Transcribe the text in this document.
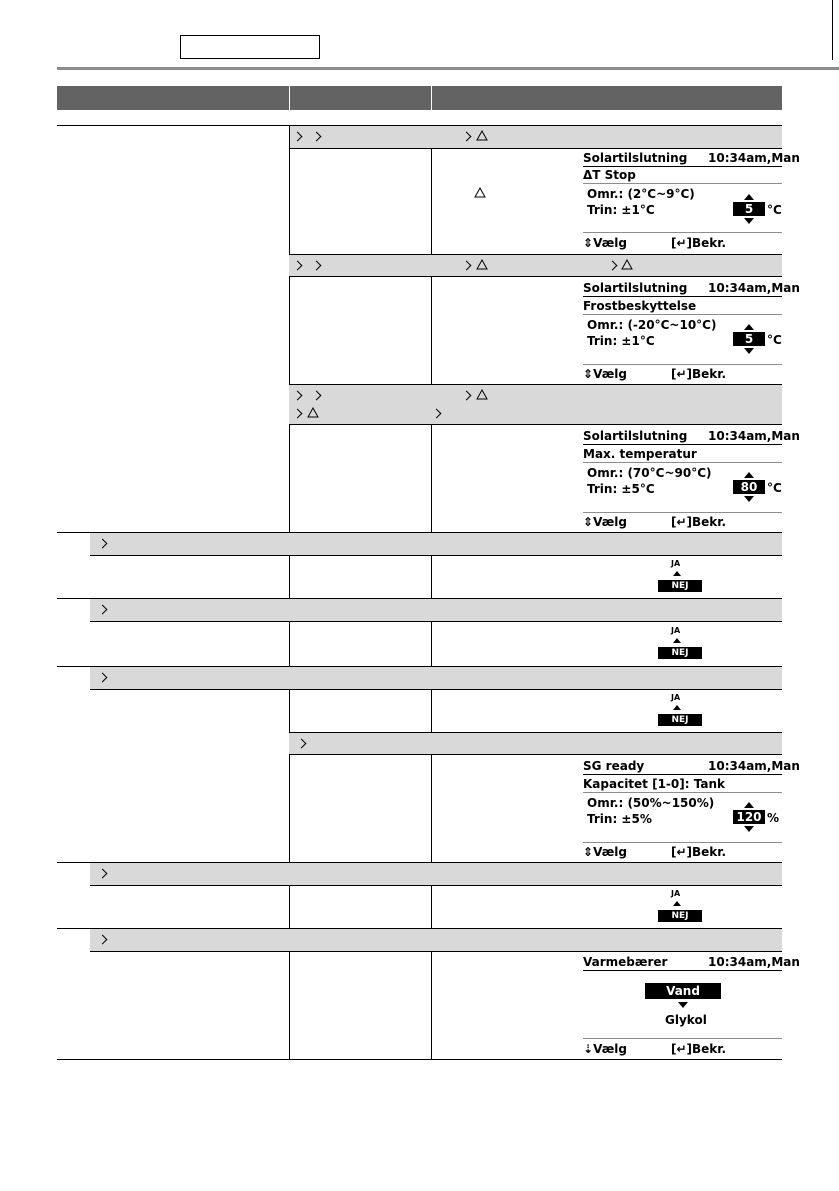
Solartilslutning 10:34am,Man
ΔT Stop
Omr.: (2°C~9°C)
Trin: ±1°C	5	°C
⇕Vælg	[↵]Bekr.
Solartilslutning 10:34am,Man
Frostbeskyttelse
Omr.: (-20°C~10°C)
Trin: ±1°C	5	°C
⇕Vælg	[↵]Bekr.
Solartilslutning 10:34am,Man
Max. temperatur
Omr.: (70°C~90°C)
Trin: ±5°C	80 °C
⇕Vælg	[↵]Bekr.
JA
NEJ
JA
NEJ
JA
NEJ
SG ready	10:34am,Man
Kapacitet [1-0]: Tank
Omr.: (50%~150%)
Trin: ±5%	120 %
⇕Vælg	[↵]Bekr.
JA
NEJ
Varmebærer	10:34am,Man
Vand
Glykol
⇣Vælg	[↵]Bekr.
